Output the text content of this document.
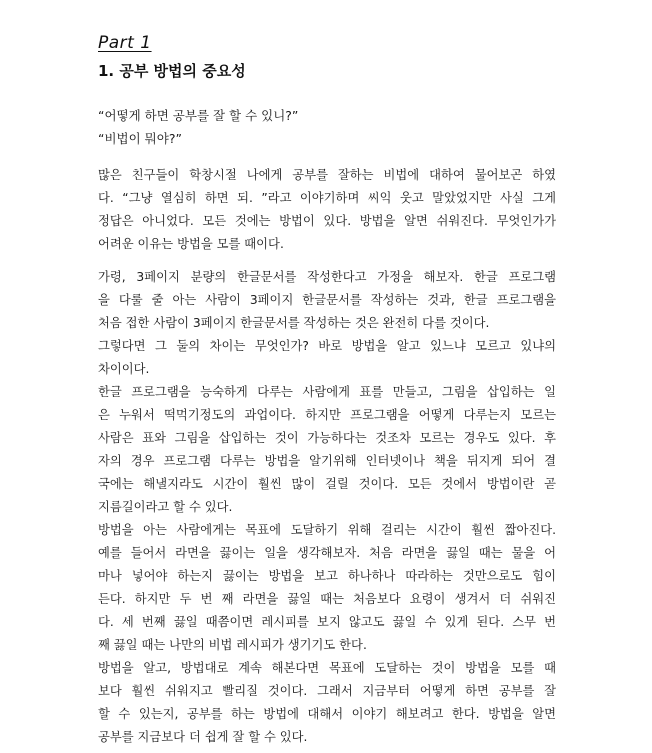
Part 1
1. 공부 방법의 중요성
“어떻게 하면 공부를 잘 할 수 있니?”
“비법이 뭐야?”
많은 친구들이 학창시절 나에게 공부를 잘하는 비법에 대하여 물어보곤 하였
다. “그냥 열심히 하면 되. ”라고 이야기하며 씨익 웃고 말았었지만 사실 그게
정답은 아니었다. 모든 것에는 방법이 있다. 방법을 알면 쉬워진다. 무엇인가가
어려운 이유는 방법을 모를 때이다.
가령, 3페이지 분량의 한글문서를 작성한다고 가정을 해보자. 한글 프로그램
을 다룰 줄 아는 사람이 3페이지 한글문서를 작성하는 것과, 한글 프로그램을
처음 접한 사람이 3페이지 한글문서를 작성하는 것은 완전히 다를 것이다.
그렇다면 그 둘의 차이는 무엇인가? 바로 방법을 알고 있느냐 모르고 있냐의
차이이다.
한글 프로그램을 능숙하게 다루는 사람에게 표를 만들고, 그림을 삽입하는 일
은 누워서 떡먹기정도의 과업이다. 하지만 프로그램을 어떻게 다루는지 모르는
사람은 표와 그림을 삽입하는 것이 가능하다는 것조차 모르는 경우도 있다. 후
자의 경우 프로그램 다루는 방법을 알기위해 인터넷이나 책을 뒤지게 되어 결
국에는 해낼지라도 시간이 훨씬 많이 걸릴 것이다. 모든 것에서 방법이란 곧
지름길이라고 할 수 있다.
방법을 아는 사람에게는 목표에 도달하기 위해 걸리는 시간이 훨씬 짧아진다.
예를 들어서 라면을 끓이는 일을 생각해보자. 처음 라면을 끓일 때는 물을 어
마나 넣어야 하는지 끓이는 방법을 보고 하나하나 따라하는 것만으로도 힘이
든다. 하지만 두 번 째 라면을 끓일 때는 처음보다 요령이 생겨서 더 쉬워진
다. 세 번째 끓일 때쯤이면 레시피를 보지 않고도 끓일 수 있게 된다. 스무 번
째 끓일 때는 나만의 비법 레시피가 생기기도 한다.
방법을 알고, 방법대로 계속 해본다면 목표에 도달하는 것이 방법을 모를 때
보다 훨씬 쉬워지고 빨리질 것이다. 그래서 지금부터 어떻게 하면 공부를 잘
할 수 있는지, 공부를 하는 방법에 대해서 이야기 해보려고 한다. 방법을 알면
공부를 지금보다 더 쉽게 잘 할 수 있다.
